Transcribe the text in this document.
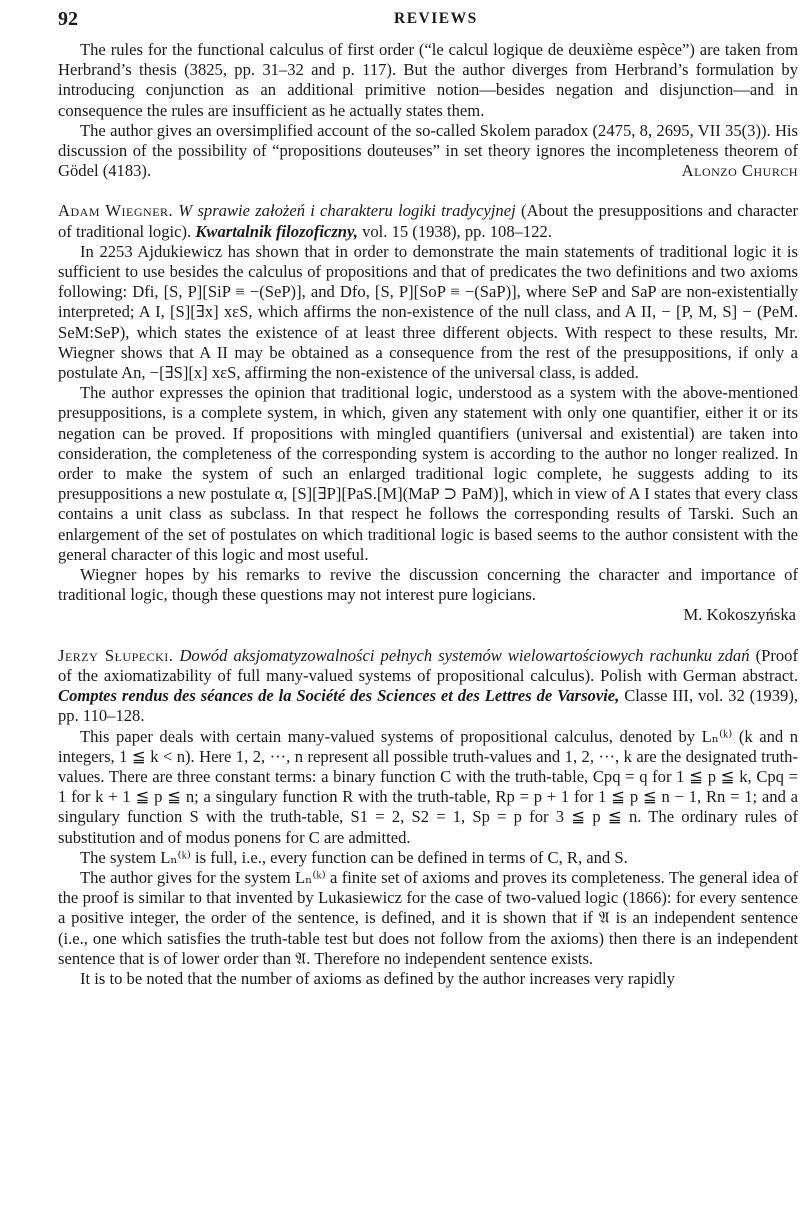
92	REVIEWS

The rules for the functional calculus of first order (“le calcul logique de deuxième espèce”) are taken from Herbrand’s thesis (3825, pp. 31–32 and p. 117). But the author diverges from Herbrand’s formulation by introducing conjunction as an additional primitive notion—besides negation and disjunction—and in consequence the rules are insufficient as he actually states them.

The author gives an oversimplified account of the so-called Skolem paradox (2475, 8, 2695, VII 35(3)). His discussion of the possibility of “propositions douteuses” in set theory ignores the incompleteness theorem of Gödel (4183).	Alonzo Church

Adam Wiegner. W sprawie założeń i charakteru logiki tradycyjnej (About the presuppositions and character of traditional logic). Kwartalnik filozoficzny, vol. 15 (1938), pp. 108–122.

In 2253 Ajdukiewicz has shown that in order to demonstrate the main statements of traditional logic it is sufficient to use besides the calculus of propositions and that of predicates the two definitions and two axioms following: Dfi, [S, P][SiP ≡ −(SeP)], and Dfo, [S, P][SoP ≡ −(SaP)], where SeP and SaP are non-existentially interpreted; A I, [S][∃x] xεS, which affirms the non-existence of the null class, and A II, − [P, M, S] − (PeM. SeM:SeP), which states the existence of at least three different objects. With respect to these results, Mr. Wiegner shows that A II may be obtained as a consequence from the rest of the presuppositions, if only a postulate An, −[∃S][x] xεS, affirming the non-existence of the universal class, is added.

The author expresses the opinion that traditional logic, understood as a system with the above-mentioned presuppositions, is a complete system, in which, given any statement with only one quantifier, either it or its negation can be proved. If propositions with mingled quantifiers (universal and existential) are taken into consideration, the completeness of the corresponding system is according to the author no longer realized. In order to make the system of such an enlarged traditional logic complete, he suggests adding to its presuppositions a new postulate α, [S][∃P][PaS.[M](MaP ⊃ PaM)], which in view of A I states that every class contains a unit class as subclass. In that respect he follows the corresponding results of Tarski. Such an enlargement of the set of postulates on which traditional logic is based seems to the author consistent with the general character of this logic and most useful.

Wiegner hopes by his remarks to revive the discussion concerning the character and importance of traditional logic, though these questions may not interest pure logicians.

M. Kokoszyńska

Jerzy Słupecki. Dowód aksjomatyzowalności pełnych systemów wielowartościowych rachunku zdań (Proof of the axiomatizability of full many-valued systems of propositional calculus). Polish with German abstract. Comptes rendus des séances de la Société des Sciences et des Lettres de Varsovie, Classe III, vol. 32 (1939), pp. 110–128.

This paper deals with certain many-valued systems of propositional calculus, denoted by Lₙ⁽ᵏ⁾ (k and n integers, 1 ≦ k < n). Here 1, 2, ···, n represent all possible truth-values and 1, 2, ···, k are the designated truth-values. There are three constant terms: a binary function C with the truth-table, Cpq = q for 1 ≦ p ≦ k, Cpq = 1 for k + 1 ≦ p ≦ n; a singulary function R with the truth-table, Rp = p + 1 for 1 ≦ p ≦ n − 1, Rn = 1; and a singulary function S with the truth-table, S1 = 2, S2 = 1, Sp = p for 3 ≦ p ≦ n. The ordinary rules of substitution and of modus ponens for C are admitted.

The system Lₙ⁽ᵏ⁾ is full, i.e., every function can be defined in terms of C, R, and S.

The author gives for the system Lₙ⁽ᵏ⁾ a finite set of axioms and proves its completeness. The general idea of the proof is similar to that invented by Lukasiewicz for the case of two-valued logic (1866): for every sentence a positive integer, the order of the sentence, is defined, and it is shown that if 𝔄 is an independent sentence (i.e., one which satisfies the truth-table test but does not follow from the axioms) then there is an independent sentence that is of lower order than 𝔄. Therefore no independent sentence exists.

It is to be noted that the number of axioms as defined by the author increases very rapidly
